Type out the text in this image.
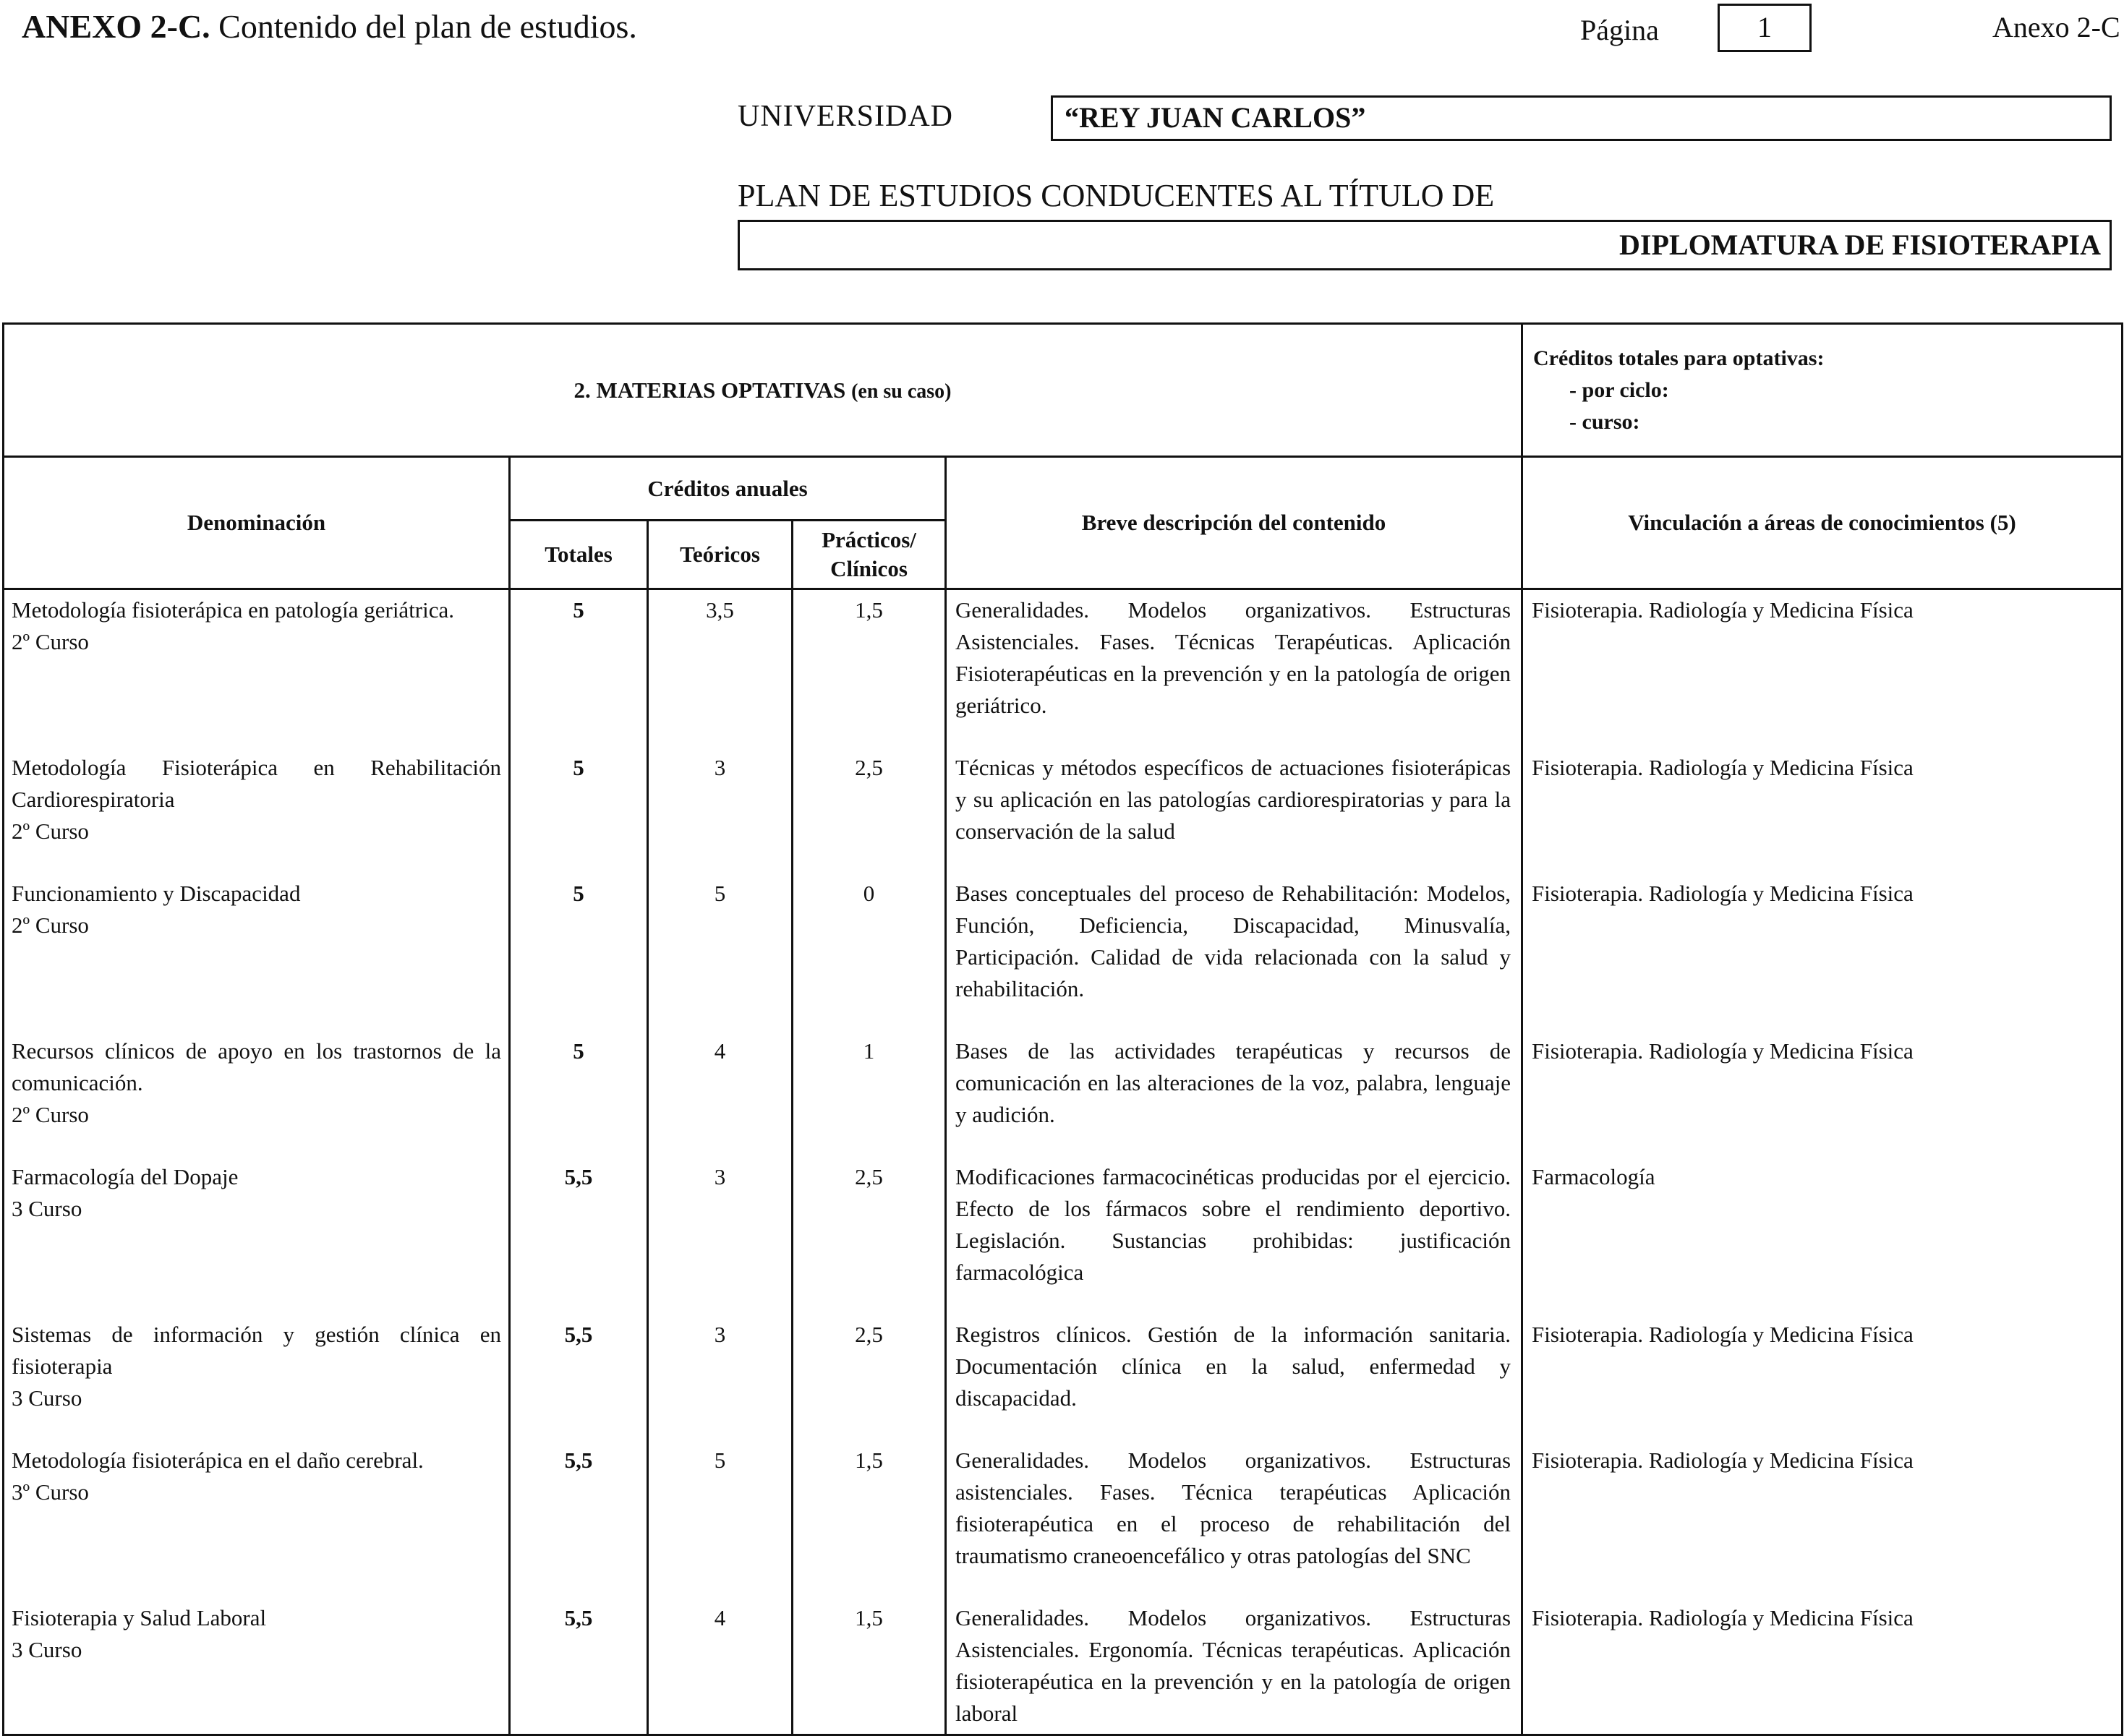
ANEXO 2-C. Contenido del plan de estudios.	Página	1	Anexo 2-C
UNIVERSIDAD	“REY JUAN CARLOS”
PLAN DE ESTUDIOS CONDUCENTES AL TÍTULO DE
DIPLOMATURA DE FISIOTERAPIA
2. MATERIAS OPTATIVAS (en su caso)					Créditos totales para optativas:
- por ciclo:
- curso:

Denominación	Créditos anuales			Breve descripción del contenido	Vinculación a áreas de conocimientos (5)
	Totales	Teóricos	Prácticos/
Clínicos		

Metodología fisioterápica en patología geriátrica.
2º Curso	5	3,5	1,5	Generalidades. Modelos organizativos. Estructuras Asistenciales. Fases. Técnicas Terapéuticas. Aplicación Fisioterapéuticas en la prevención y en la patología de origen geriátrico.	Fisioterapia. Radiología y Medicina Física

Metodología Fisioterápica en Rehabilitación Cardiorespiratoria
2º Curso	5	3	2,5	Técnicas y métodos específicos de actuaciones fisioterápicas y su aplicación en las patologías cardiorespiratorias y para la conservación de la salud	Fisioterapia. Radiología y Medicina Física

Funcionamiento y Discapacidad
2º Curso	5	5	0	Bases conceptuales del proceso de Rehabilitación: Modelos, Función, Deficiencia, Discapacidad, Minusvalía, Participación. Calidad de vida relacionada con la salud y rehabilitación.	Fisioterapia. Radiología y Medicina Física

Recursos clínicos de apoyo en los trastornos de la comunicación.
2º Curso	5	4	1	Bases de las actividades terapéuticas y recursos de comunicación en las alteraciones de la voz, palabra, lenguaje y audición.	Fisioterapia. Radiología y Medicina Física

Farmacología del Dopaje
3 Curso	5,5	3	2,5	Modificaciones farmacocinéticas producidas por el ejercicio. Efecto de los fármacos sobre el rendimiento deportivo. Legislación. Sustancias prohibidas: justificación farmacológica	Farmacología

Sistemas de información y gestión clínica en fisioterapia
3 Curso	5,5	3	2,5	Registros clínicos. Gestión de la información sanitaria. Documentación clínica en la salud, enfermedad y discapacidad.	Fisioterapia. Radiología y Medicina Física

Metodología fisioterápica en el daño cerebral.
3º Curso	5,5	5	1,5	Generalidades. Modelos organizativos. Estructuras asistenciales. Fases. Técnica terapéuticas Aplicación fisioterapéutica en el proceso de rehabilitación del traumatismo craneoencefálico y otras patologías del SNC	Fisioterapia. Radiología y Medicina Física

Fisioterapia y Salud Laboral
3 Curso	5,5	4	1,5	Generalidades. Modelos organizativos. Estructuras Asistenciales. Ergonomía. Técnicas terapéuticas. Aplicación fisioterapéutica en la prevención y en la patología de origen laboral	Fisioterapia. Radiología y Medicina Física
